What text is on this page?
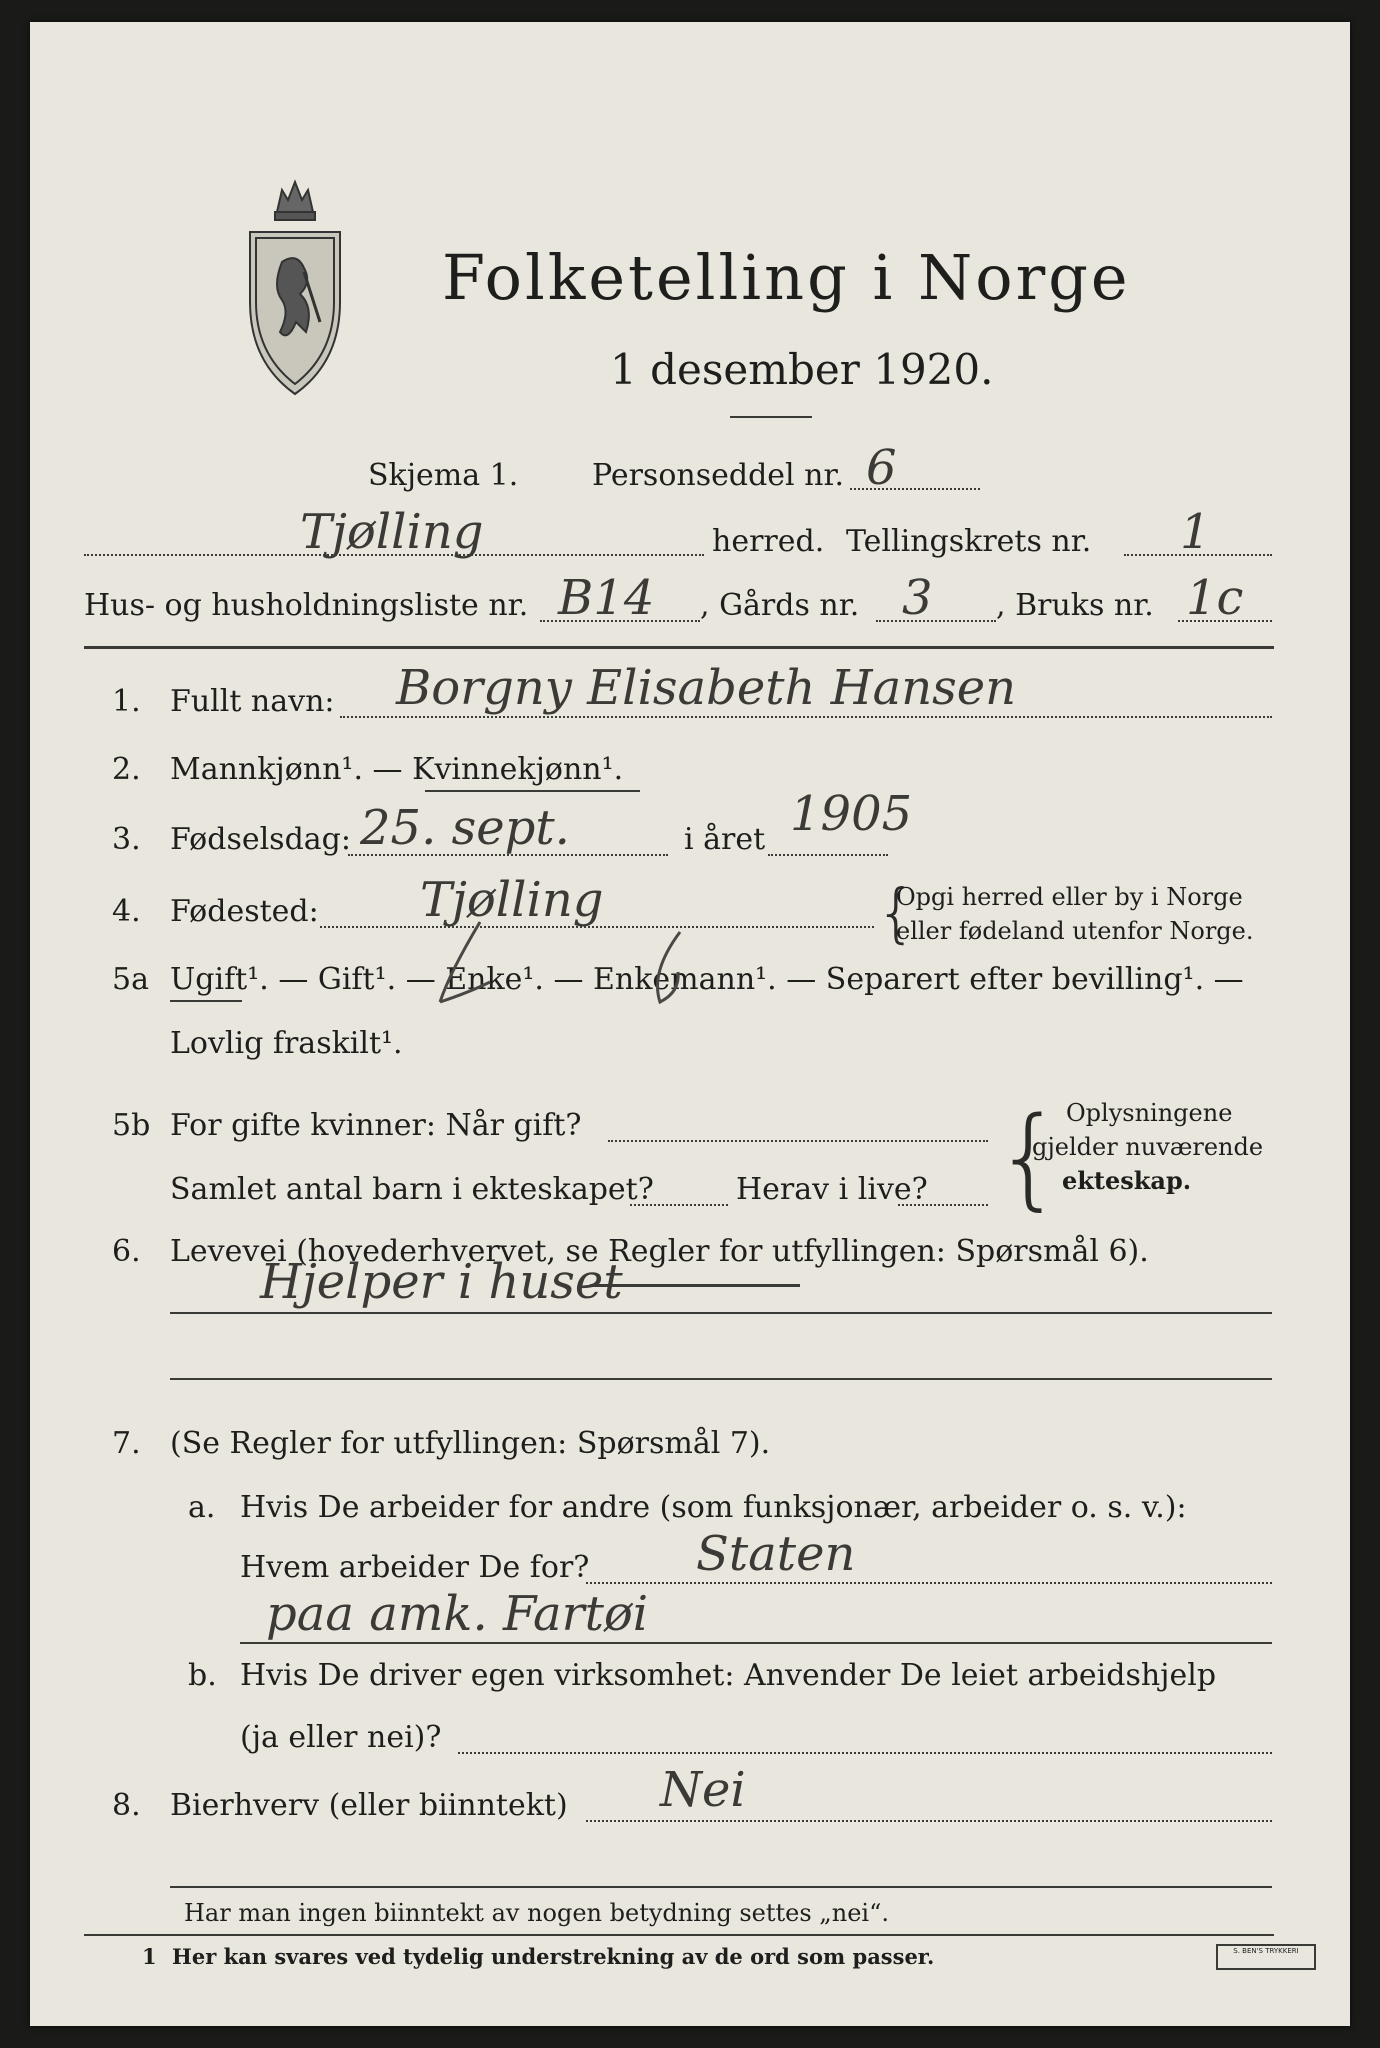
Folketelling i Norge
1 desember 1920.
Skjema 1. Personseddel nr. 6
Tjølling	herred. Tellingskrets nr. 1
Hus- og husholdningsliste nr. B14 , Gårds nr. 3 , Bruks nr. 1c
1. Fullt navn: Borgny Elisabeth Hansen
2. Mannkjønn¹. — Kvinnekjønn¹.
3. Fødselsdag: 25. sept.	i året 1905
4. Fødested: Tjølling	{
Opgi herred eller by i Norge
eller fødeland utenfor Norge.
5a Ugift¹. — Gift¹. — Enke¹. — Enkemann¹. — Separert efter bevilling¹. —
Lovlig fraskilt¹.
5b For gifte kvinner: Når gift?
Samlet antal barn i ekteskapet?	Herav i live? { Oplysningene
gjelder nuværende
ekteskap.
6. Levevei (hovederhvervet, se Regler for utfyllingen: Spørsmål 6).
Hjelper i huset
7. (Se Regler for utfyllingen: Spørsmål 7).
a. Hvis De arbeider for andre (som funksjonær, arbeider o. s. v.):
Hvem arbeider De for? Staten
paa amk. Fartøi
b. Hvis De driver egen virksomhet: Anvender De leiet arbeidshjelp
(ja eller nei)?
8. Bierhverv (eller biinntekt) Nei
Har man ingen biinntekt av nogen betydning settes „nei“.
1 Her kan svares ved tydelig understrekning av de ord som passer.	S. BEN'S TRYKKERI
